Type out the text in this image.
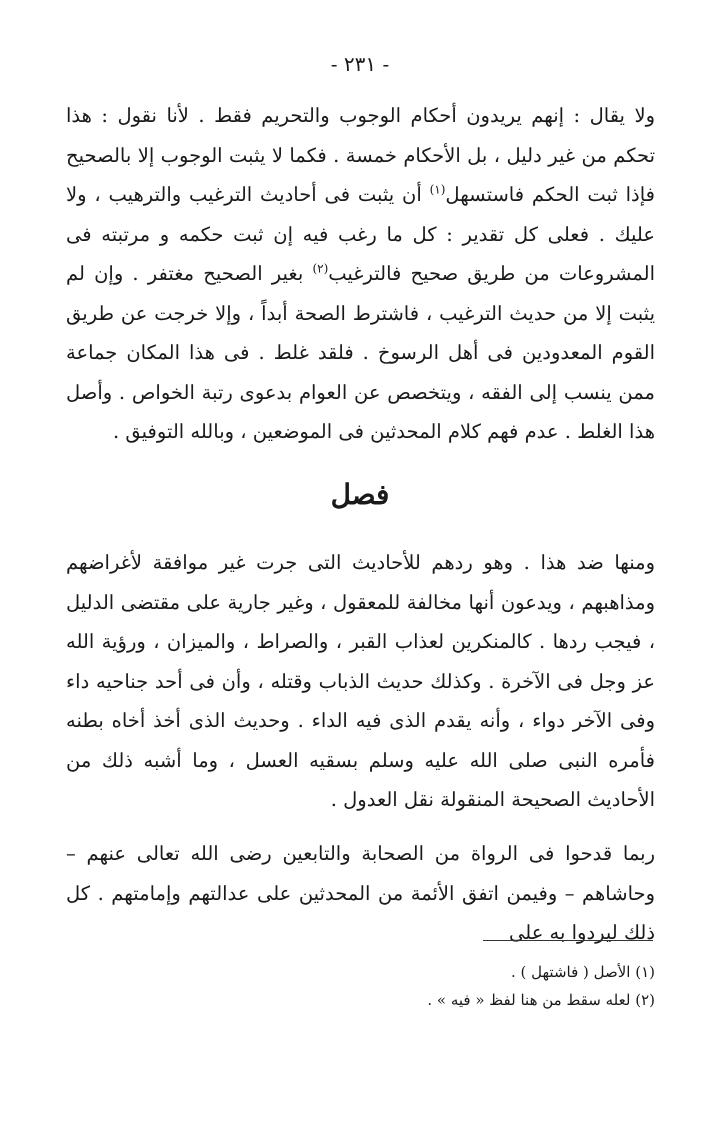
- ٢٣١ -

ولا يقال : إنهم يريدون أحكام الوجوب والتحريم فقط . لأنا نقول : هذا تحكم من غير دليل ، بل الأحكام خمسة . فكما لا يثبت الوجوب إلا بالصحيح فإذا ثبت الحكم فاستسهل$^{(١)}$ أن يثبت فى أحاديث الترغيب والترهيب ، ولا عليك . فعلى كل تقدير : كل ما رغب فيه إن ثبت حكمه و مرتبته فى المشروعات من طريق صحيح فالترغيب$^{(٢)}$ بغير الصحيح مغتفر . وإن لم يثبت إلا من حديث الترغيب ، فاشترط الصحة أبداً ، وإلا خرجت عن طريق القوم المعدودين فى أهل الرسوخ . فلقد غلط . فى هذا المكان جماعة ممن ينسب إلى الفقه ، ويتخصص عن العوام بدعوى رتبة الخواص . وأصل هذا الغلط . عدم فهم كلام المحدثين فى الموضعين ، وبالله التوفيق .

فصل

ومنها ضد هذا . وهو ردهم للأحاديث التى جرت غير موافقة لأغراضهم ومذاهبهم ، ويدعون أنها مخالفة للمعقول ، وغير جارية على مقتضى الدليل ، فيجب ردها . كالمنكرين لعذاب القبر ، والصراط ، والميزان ، ورؤية الله عز وجل فى الآخرة . وكذلك حديث الذباب وقتله ، وأن فى أحد جناحيه داء وفى الآخر دواء ، وأنه يقدم الذى فيه الداء . وحديث الذى أخذ أخاه بطنه فأمره النبى صلى الله عليه وسلم بسقيه العسل ، وما أشبه ذلك من الأحاديث الصحيحة المنقولة نقل العدول .

ربما قدحوا فى الرواة من الصحابة والتابعين رضى الله تعالى عنهم – وحاشاهم – وفيمن اتفق الأئمة من المحدثين على عدالتهم وإمامتهم . كل ذلك ليردوا به على

(١) الأصل ( فاشتهل ) .

(٢) لعله سقط من هنا لفظ « فيه » .
